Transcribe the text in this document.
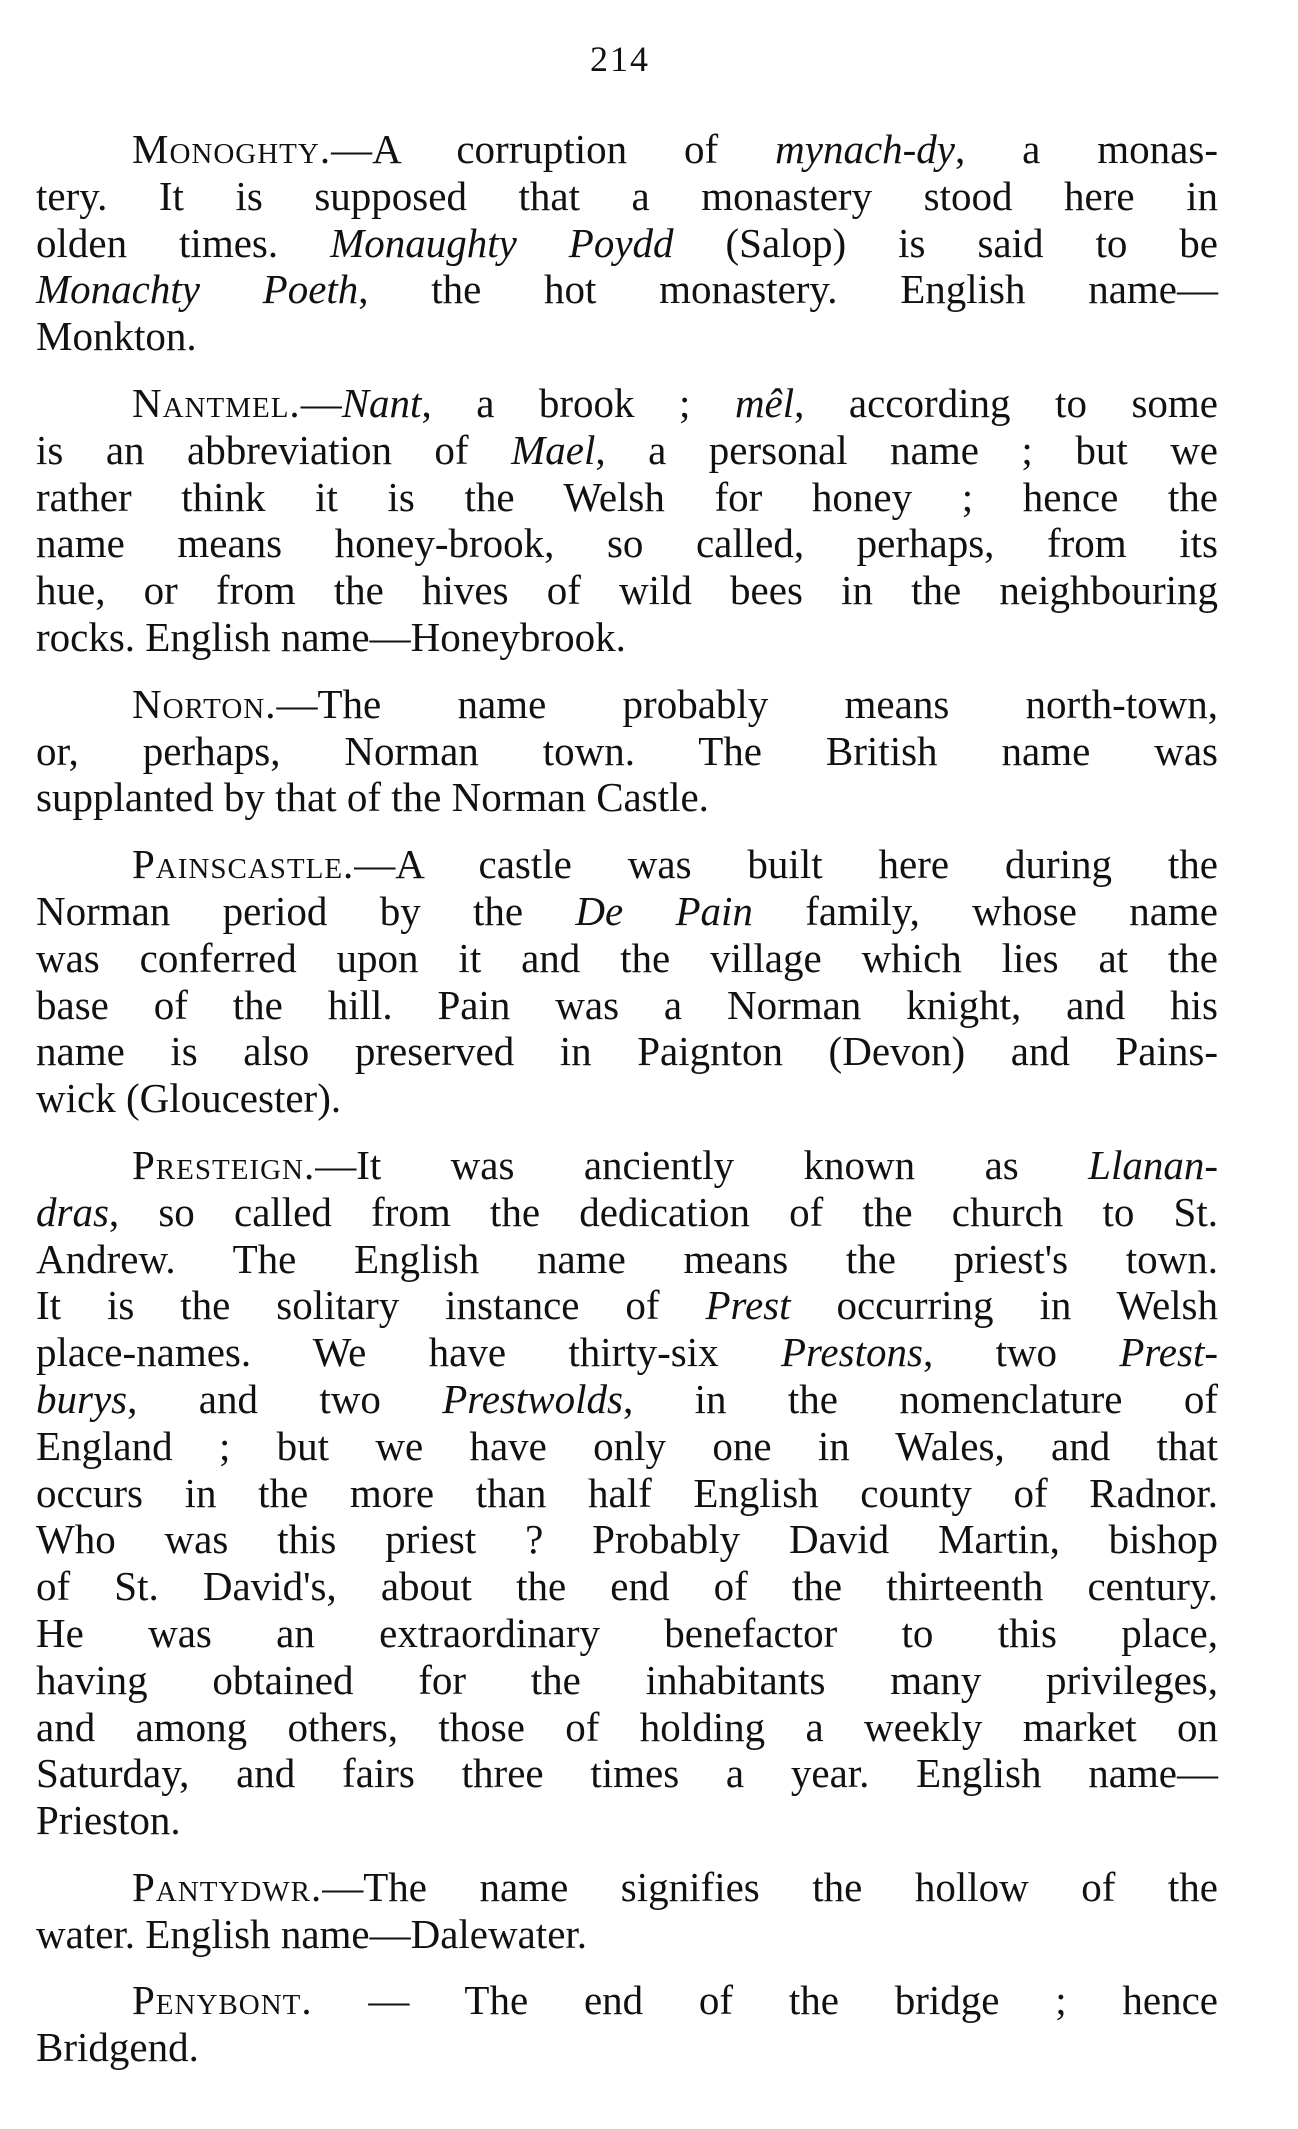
214
Monoghty.—A corruption of mynach-dy, a monas-
tery. It is supposed that a monastery stood here in
olden times. Monaughty Poydd (Salop) is said to be
Monachty Poeth, the hot monastery. English name—
Monkton.
Nantmel.—Nant, a brook ; mêl, according to some
is an abbreviation of Mael, a personal name ; but we
rather think it is the Welsh for honey ; hence the
name means honey-brook, so called, perhaps, from its
hue, or from the hives of wild bees in the neighbouring
rocks. English name—Honeybrook.
Norton.—The name probably means north-town,
or, perhaps, Norman town. The British name was
supplanted by that of the Norman Castle.
Painscastle.—A castle was built here during the
Norman period by the De Pain family, whose name
was conferred upon it and the village which lies at the
base of the hill. Pain was a Norman knight, and his
name is also preserved in Paignton (Devon) and Pains-
wick (Gloucester).
Presteign.—It was anciently known as Llanan-
dras, so called from the dedication of the church to St.
Andrew. The English name means the priest's town.
It is the solitary instance of Prest occurring in Welsh
place-names. We have thirty-six Prestons, two Prest-
burys, and two Prestwolds, in the nomenclature of
England ; but we have only one in Wales, and that
occurs in the more than half English county of Radnor.
Who was this priest ? Probably David Martin, bishop
of St. David's, about the end of the thirteenth century.
He was an extraordinary benefactor to this place,
having obtained for the inhabitants many privileges,
and among others, those of holding a weekly market on
Saturday, and fairs three times a year. English name—
Prieston.
Pantydwr.—The name signifies the hollow of the
water. English name—Dalewater.
Penybont. — The end of the bridge ; hence
Bridgend.
